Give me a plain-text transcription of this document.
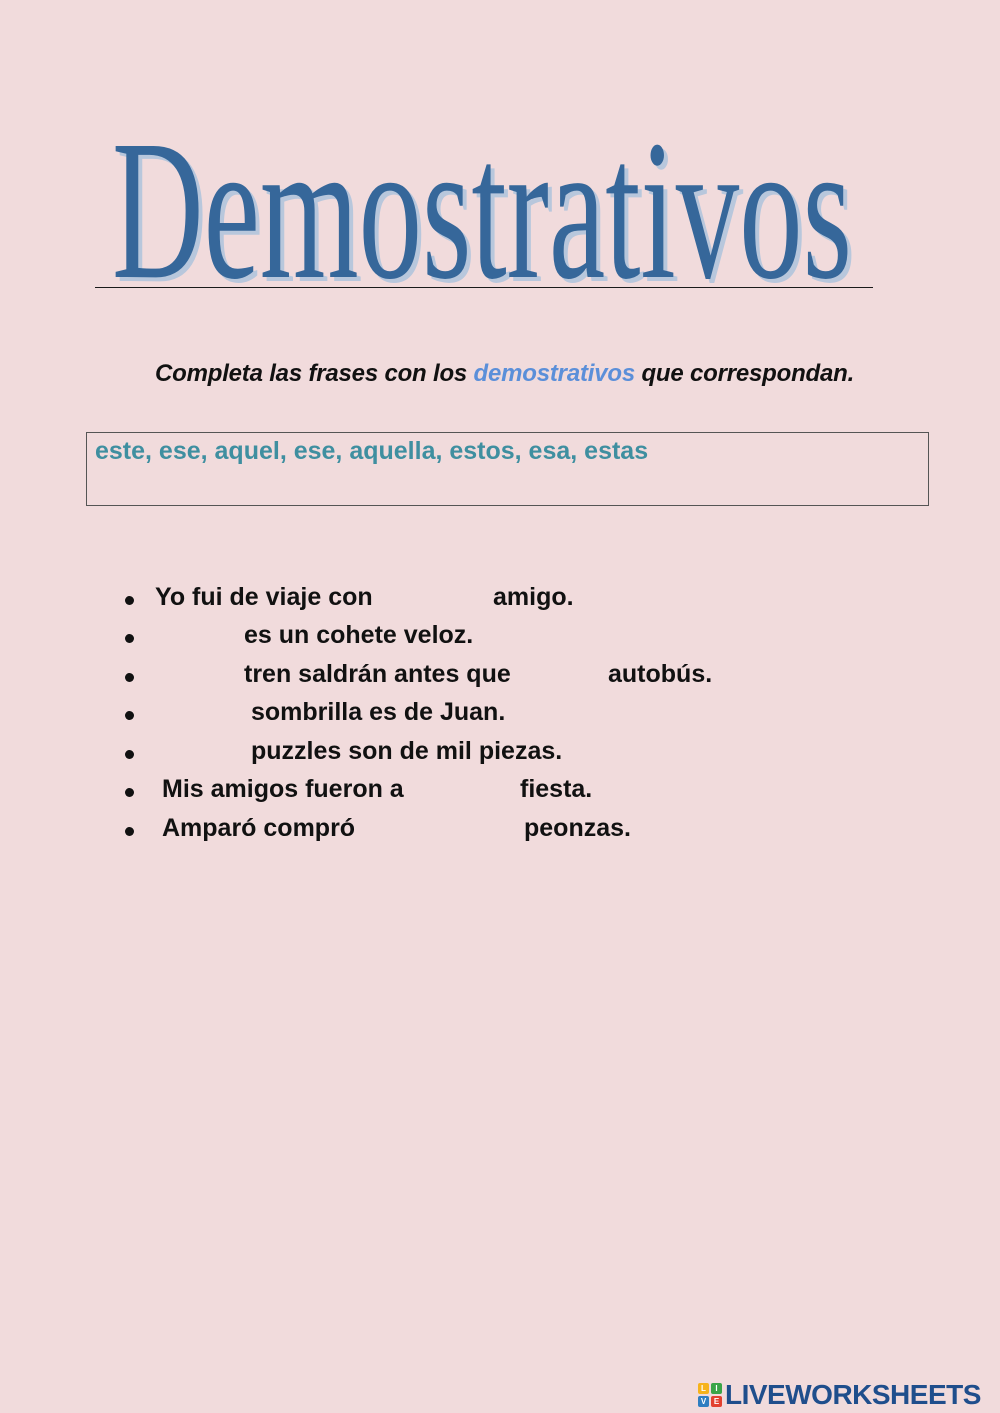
Demostrativos
Demostrativos
Completa las frases con los demostrativos que correspondan.
este, ese, aquel, ese, aquella, estos, esa, estas
Yo fui de viaje con	amigo.
es un cohete veloz.
tren saldrán antes que	autobús.
sombrilla es de Juan.
puzzles son de mil piezas.
Mis amigos fueron a	fiesta.
Amparó compró	peonzas.
L	I
V E LIVEWORKSHEETS
